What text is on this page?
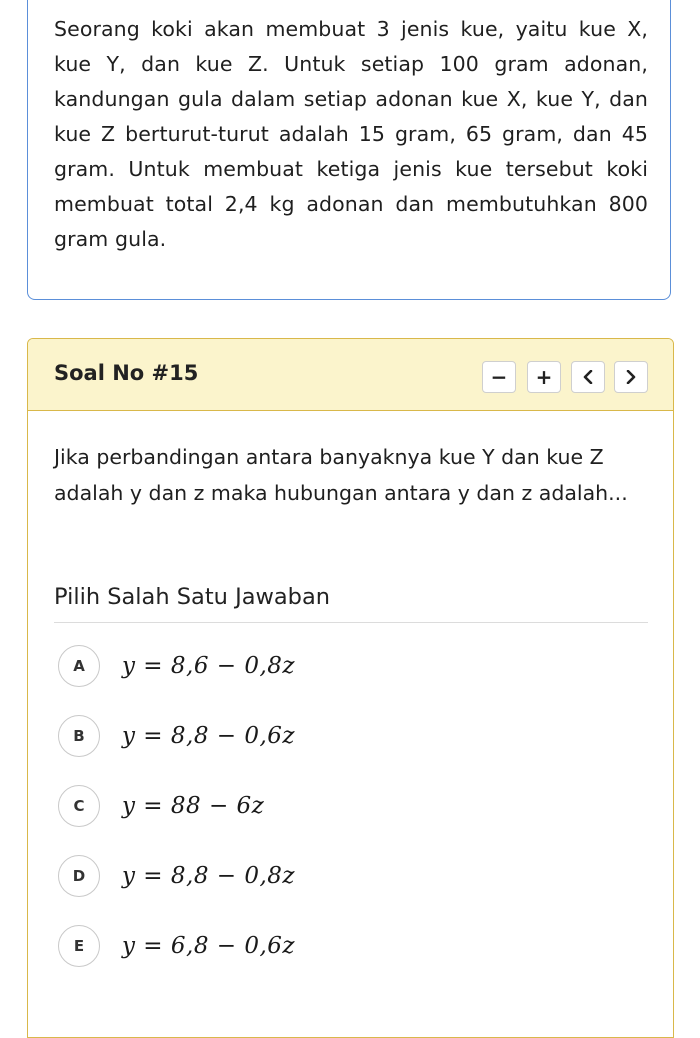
Seorang koki akan membuat 3 jenis kue, yaitu kue X, kue Y, dan kue Z. Untuk setiap 100 gram adonan, kandungan gula dalam setiap adonan kue X, kue Y, dan kue Z berturut-turut adalah 15 gram, 65 gram, dan 45 gram. Untuk membuat ketiga jenis kue tersebut koki membuat total 2,4 kg adonan dan membutuhkan 800 gram gula.

Soal No #15	− +

Jika perbandingan antara banyaknya kue Y dan kue Z adalah y dan z maka hubungan antara y dan z adalah...

Pilih Salah Satu Jawaban

A	y = 8,6 − 0,8z
B	y = 8,8 − 0,6z
C	y = 88 − 6z
D	y = 8,8 − 0,8z
E	y = 6,8 − 0,6z
